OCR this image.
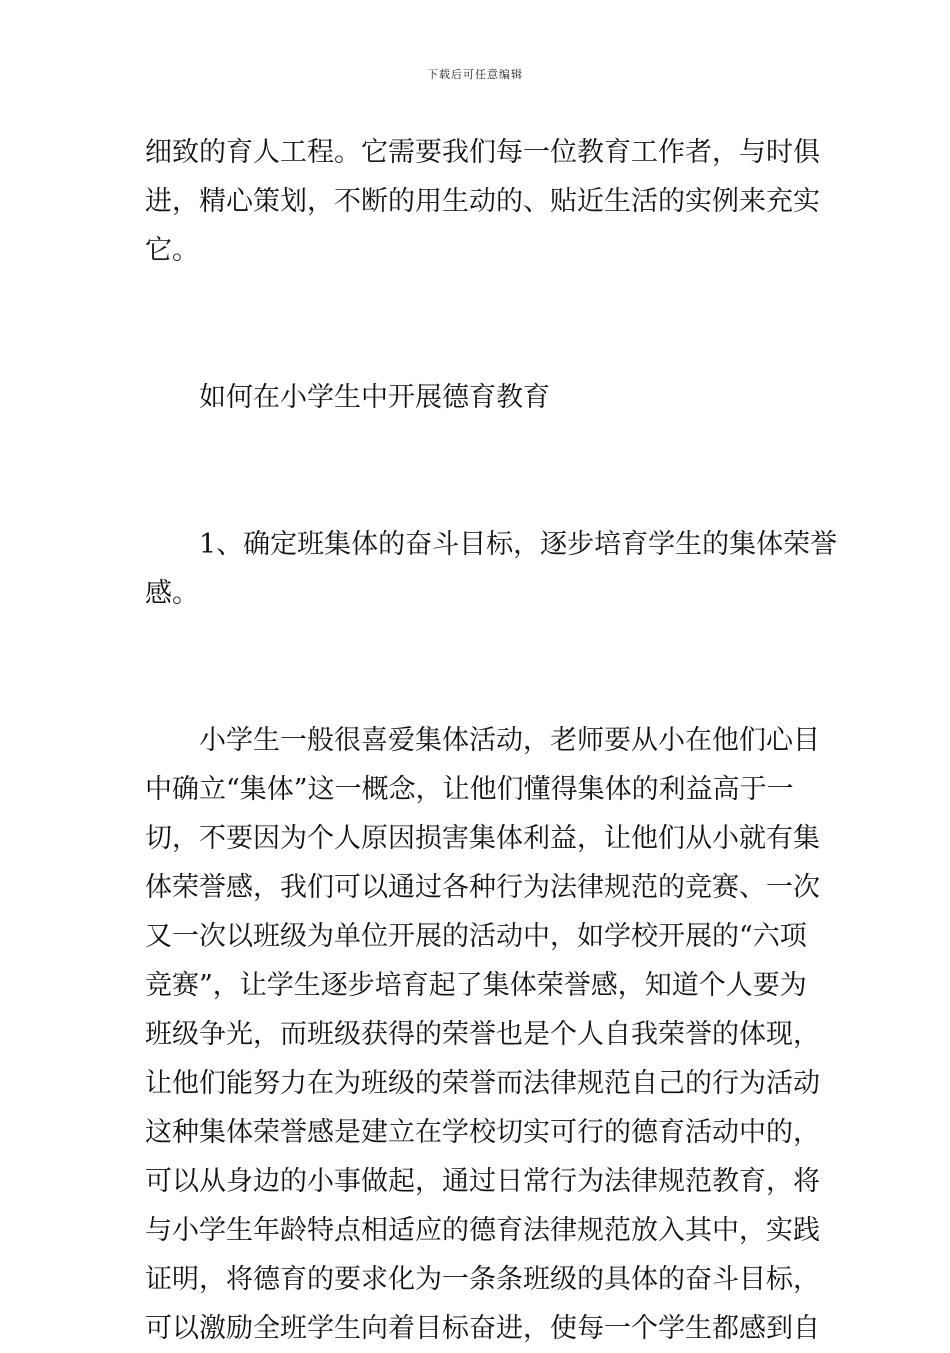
下载后可任意编辑
细致的育人工程。它需要我们每一位教育工作者，与时俱
进，精心策划，不断的用生动的、贴近生活的实例来充实
它。
如何在小学生中开展德育教育
1、确定班集体的奋斗目标，逐步培育学生的集体荣誉
感。
小学生一般很喜爱集体活动，老师要从小在他们心目
中确立“集体”这一概念，让他们懂得集体的利益高于一
切，不要因为个人原因损害集体利益，让他们从小就有集
体荣誉感，我们可以通过各种行为法律规范的竞赛、一次
又一次以班级为单位开展的活动中，如学校开展的“六项
竞赛”，让学生逐步培育起了集体荣誉感，知道个人要为
班级争光，而班级获得的荣誉也是个人自我荣誉的体现，
让他们能努力在为班级的荣誉而法律规范自己的行为活动
这种集体荣誉感是建立在学校切实可行的德育活动中的，
可以从身边的小事做起，通过日常行为法律规范教育，将
与小学生年龄特点相适应的德育法律规范放入其中，实践
证明，将德育的要求化为一条条班级的具体的奋斗目标，
可以激励全班学生向着目标奋进，使每一个学生都感到自
